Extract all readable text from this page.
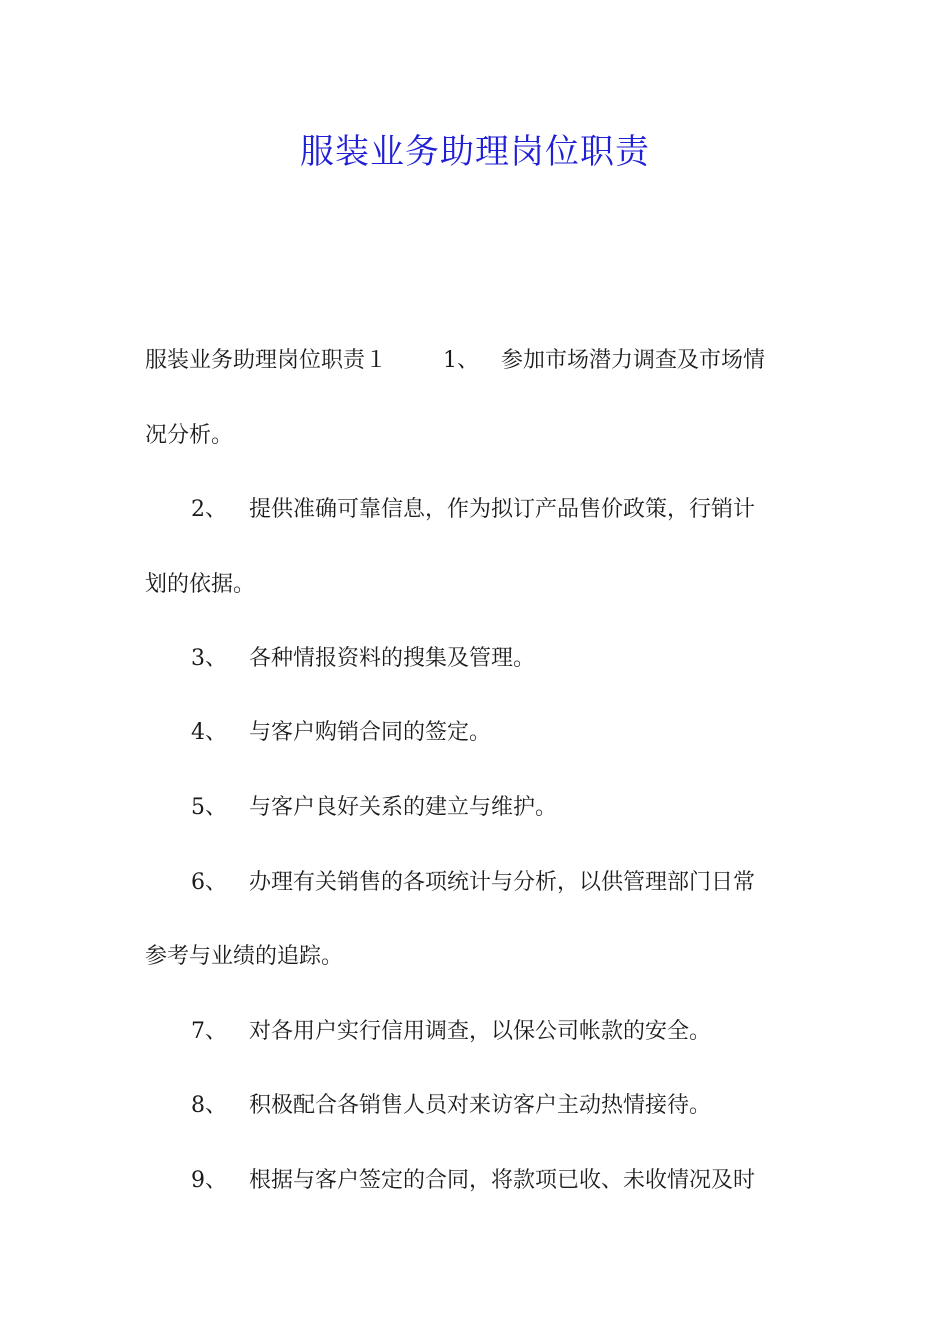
服装业务助理岗位职责
服装业务助理岗位职责１	1、 参加市场潜力调查及市场情
况分析。
2、 提供准确可靠信息，作为拟订产品售价政策，行销计
划的依据。
3、 各种情报资料的搜集及管理。
4、 与客户购销合同的签定。
5、 与客户良好关系的建立与维护。
6、 办理有关销售的各项统计与分析，以供管理部门日常
参考与业绩的追踪。
7、 对各用户实行信用调查，以保公司帐款的安全。
8、 积极配合各销售人员对来访客户主动热情接待。
9、 根据与客户签定的合同，将款项已收、未收情况及时
